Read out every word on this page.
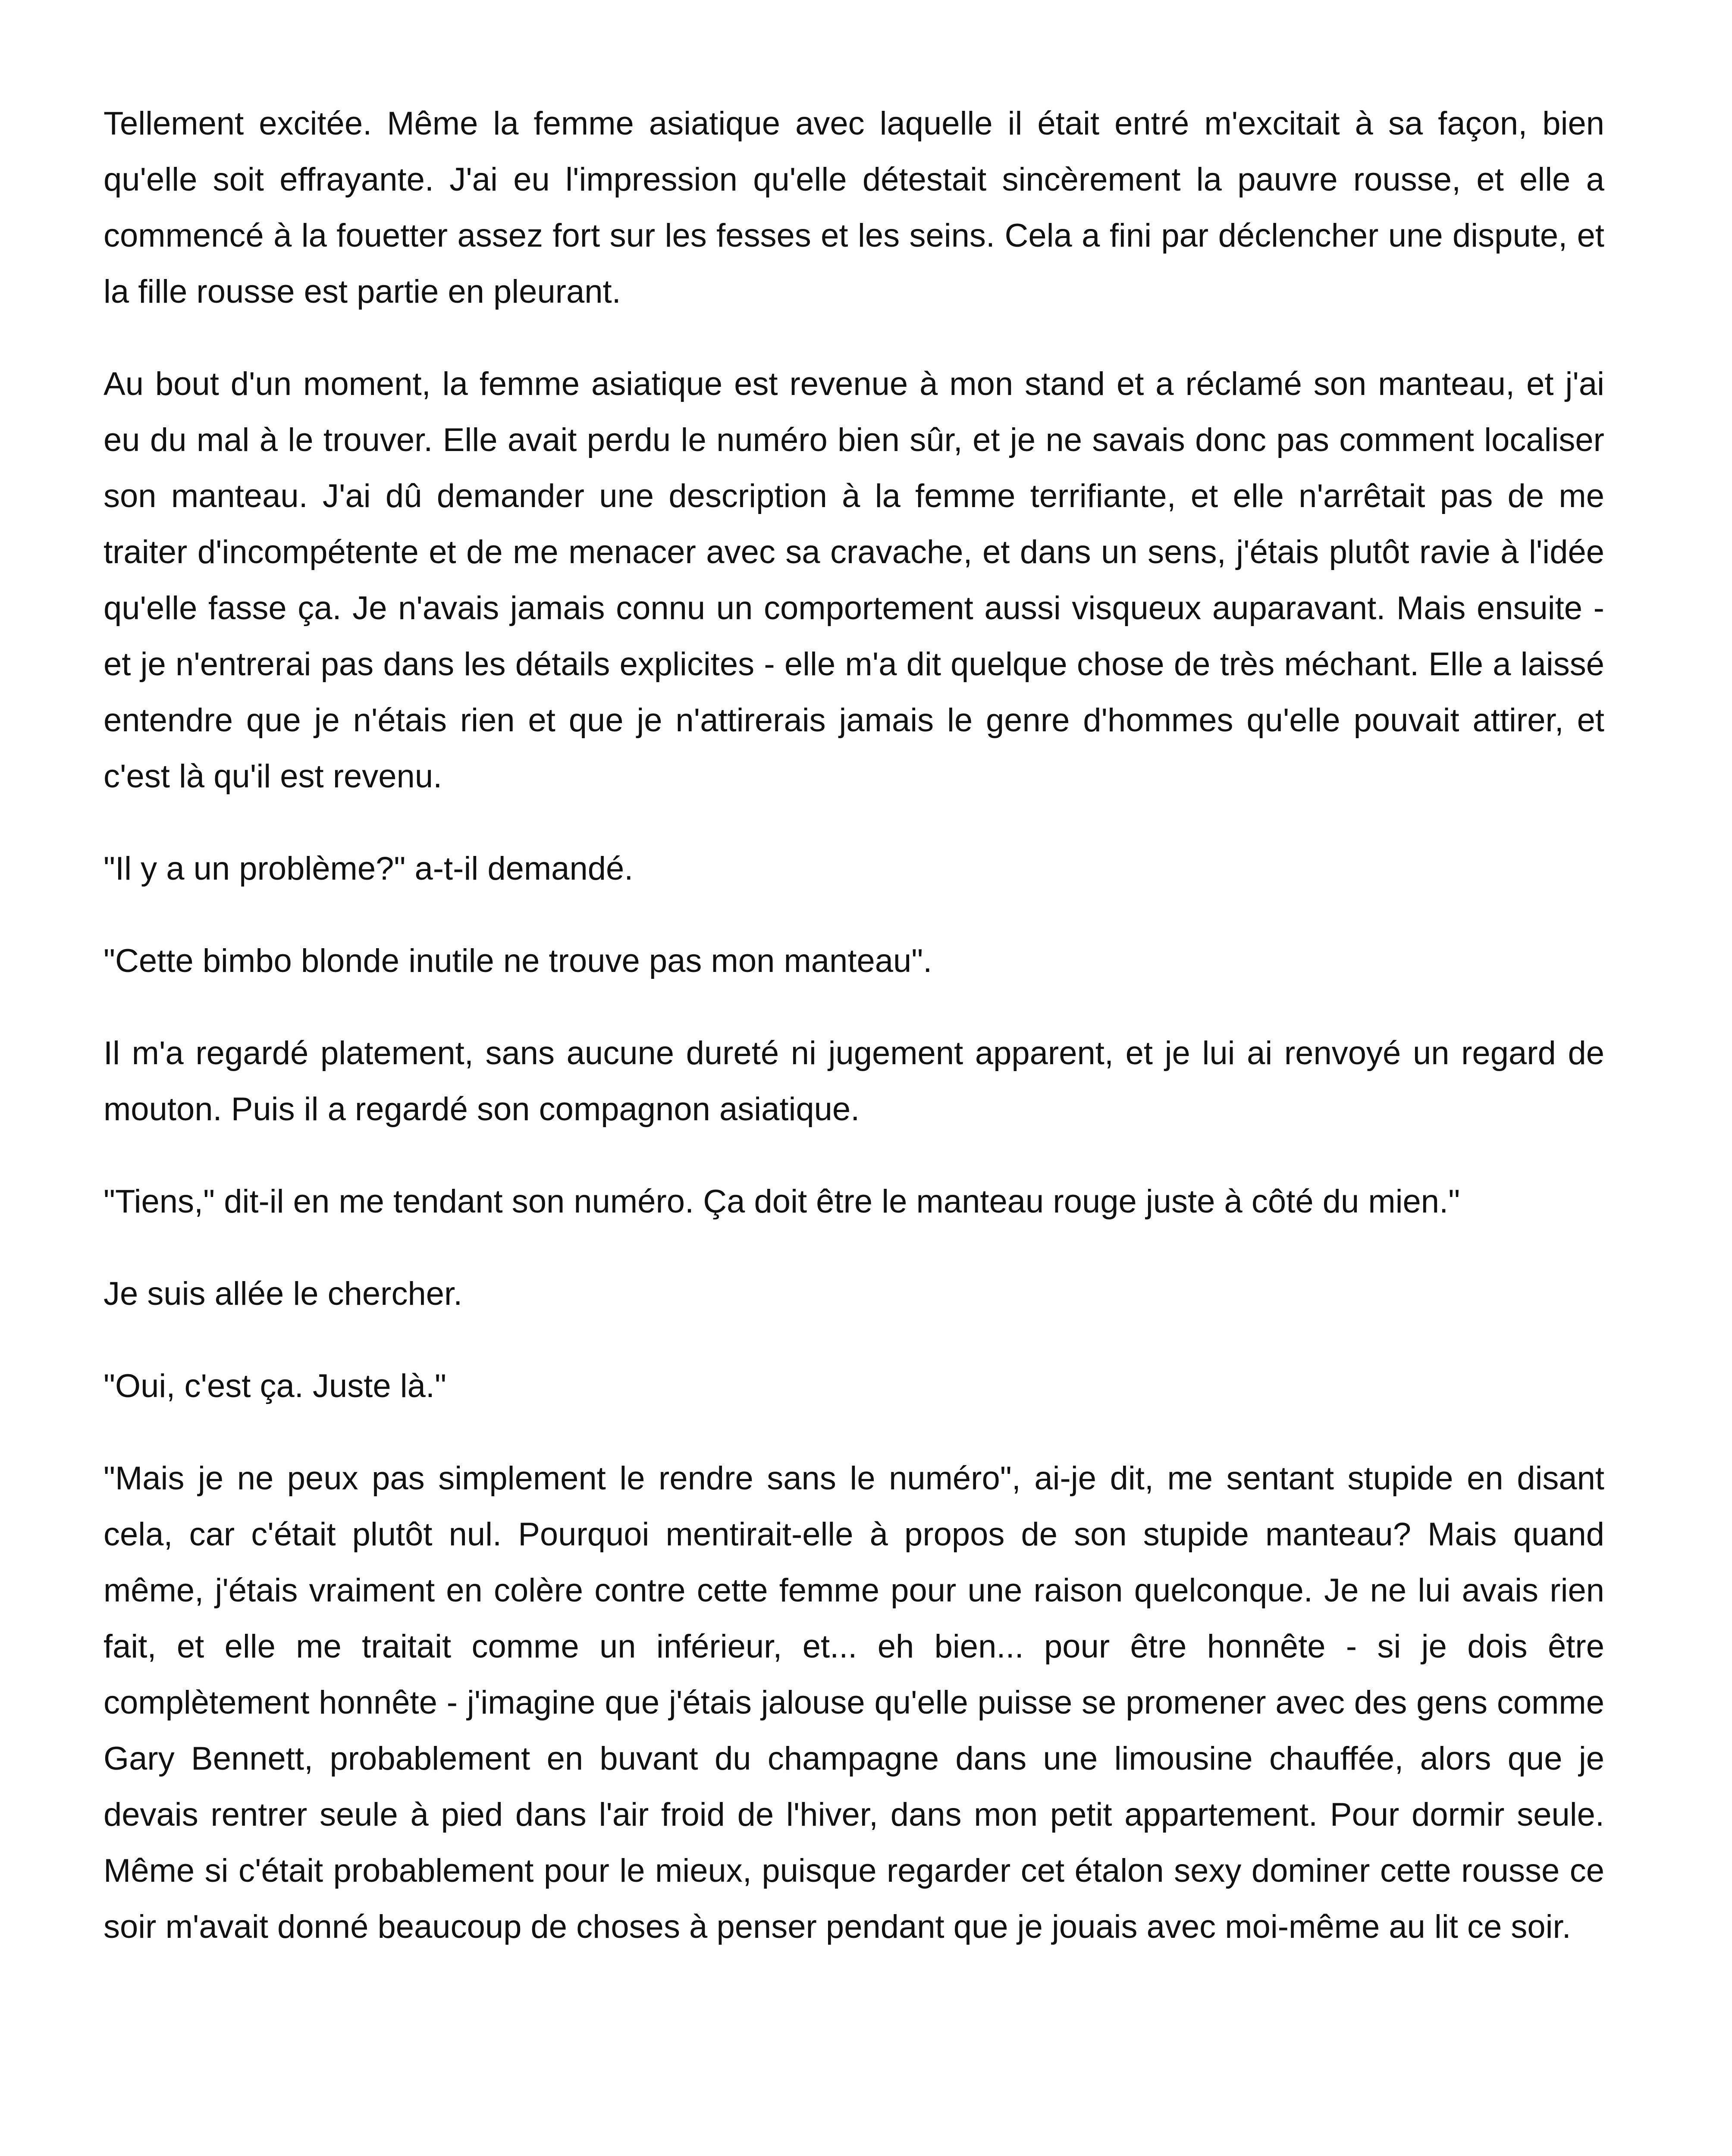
Tellement excitée. Même la femme asiatique avec laquelle il était entré m'excitait à sa façon, bien qu'elle soit effrayante. J'ai eu l'impression qu'elle détestait sincèrement la pauvre rousse, et elle a commencé à la fouetter assez fort sur les fesses et les seins. Cela a fini par déclencher une dispute, et la fille rousse est partie en pleurant.

Au bout d'un moment, la femme asiatique est revenue à mon stand et a réclamé son manteau, et j'ai eu du mal à le trouver. Elle avait perdu le numéro bien sûr, et je ne savais donc pas comment localiser son manteau. J'ai dû demander une description à la femme terrifiante, et elle n'arrêtait pas de me traiter d'incompétente et de me menacer avec sa cravache, et dans un sens, j'étais plutôt ravie à l'idée qu'elle fasse ça. Je n'avais jamais connu un comportement aussi visqueux auparavant. Mais ensuite - et je n'entrerai pas dans les détails explicites - elle m'a dit quelque chose de très méchant. Elle a laissé entendre que je n'étais rien et que je n'attirerais jamais le genre d'hommes qu'elle pouvait attirer, et c'est là qu'il est revenu.

"Il y a un problème?" a-t-il demandé.

"Cette bimbo blonde inutile ne trouve pas mon manteau".

Il m'a regardé platement, sans aucune dureté ni jugement apparent, et je lui ai renvoyé un regard de mouton. Puis il a regardé son compagnon asiatique.

"Tiens," dit-il en me tendant son numéro. Ça doit être le manteau rouge juste à côté du mien."

Je suis allée le chercher.

"Oui, c'est ça. Juste là."

"Mais je ne peux pas simplement le rendre sans le numéro", ai-je dit, me sentant stupide en disant cela, car c'était plutôt nul. Pourquoi mentirait-elle à propos de son stupide manteau? Mais quand même, j'étais vraiment en colère contre cette femme pour une raison quelconque. Je ne lui avais rien fait, et elle me traitait comme un inférieur, et... eh bien... pour être honnête - si je dois être complètement honnête - j'imagine que j'étais jalouse qu'elle puisse se promener avec des gens comme Gary Bennett, probablement en buvant du champagne dans une limousine chauffée, alors que je devais rentrer seule à pied dans l'air froid de l'hiver, dans mon petit appartement. Pour dormir seule. Même si c'était probablement pour le mieux, puisque regarder cet étalon sexy dominer cette rousse ce soir m'avait donné beaucoup de choses à penser pendant que je jouais avec moi-même au lit ce soir.
